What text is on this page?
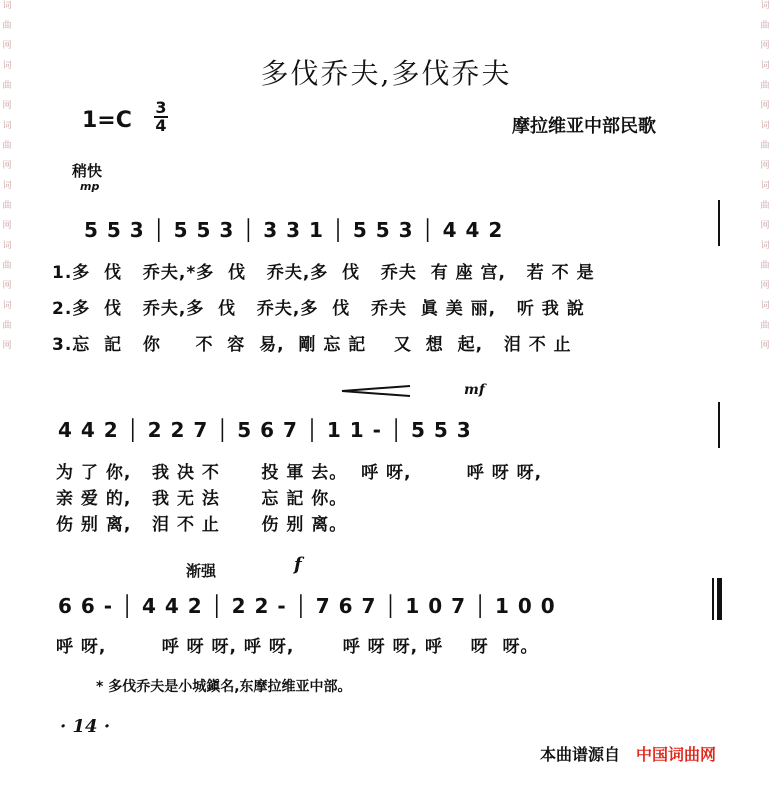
词
曲
网
词
曲
网
词
曲
网
词
曲
网
词
曲
网
词
曲
网
词
曲
网
词
曲
网
词
曲
网
词
曲
网
词
曲
网
词
曲
网
多伐乔夫,多伐乔夫
1=C
3
4	摩拉维亚中部民歌
稍快
mp
5 5 3 │ 5 5 3 │ 3 3 1 │ 5 5 3 │ 4 4 2
1.多  伐   乔夫,*多  伐   乔夫,多  伐   乔夫  有 座 宫,   若 不 是
2.多  伐   乔夫,多  伐   乔夫,多  伐   乔夫  眞 美 丽,   听 我 說
3.忘  記   你     不  容  易,  剛 忘 記    又  想  起,   泪 不 止
mf
4 4 2 │ 2 2 7 │ 5 6 7 │ 1 1 - │ 5 5 3
为 了 你,   我 决 不      投 軍 去。  呼 呀,        呼 呀 呀,
亲 爱 的,   我 无 法      忘 記 你。
伤 别 离,   泪 不 止      伤 别 离。
渐强	f
6 6 - │ 4 4 2 │ 2 2 - │ 7 6 7 │ 1 0 7 │ 1 0 0
呼 呀,        呼 呀 呀, 呼 呀,       呼 呀 呀, 呼    呀  呀。
* 多伐乔夫是小城鎭名,东摩拉维亚中部。
· 14 ·
本曲谱源自 中国词曲网
